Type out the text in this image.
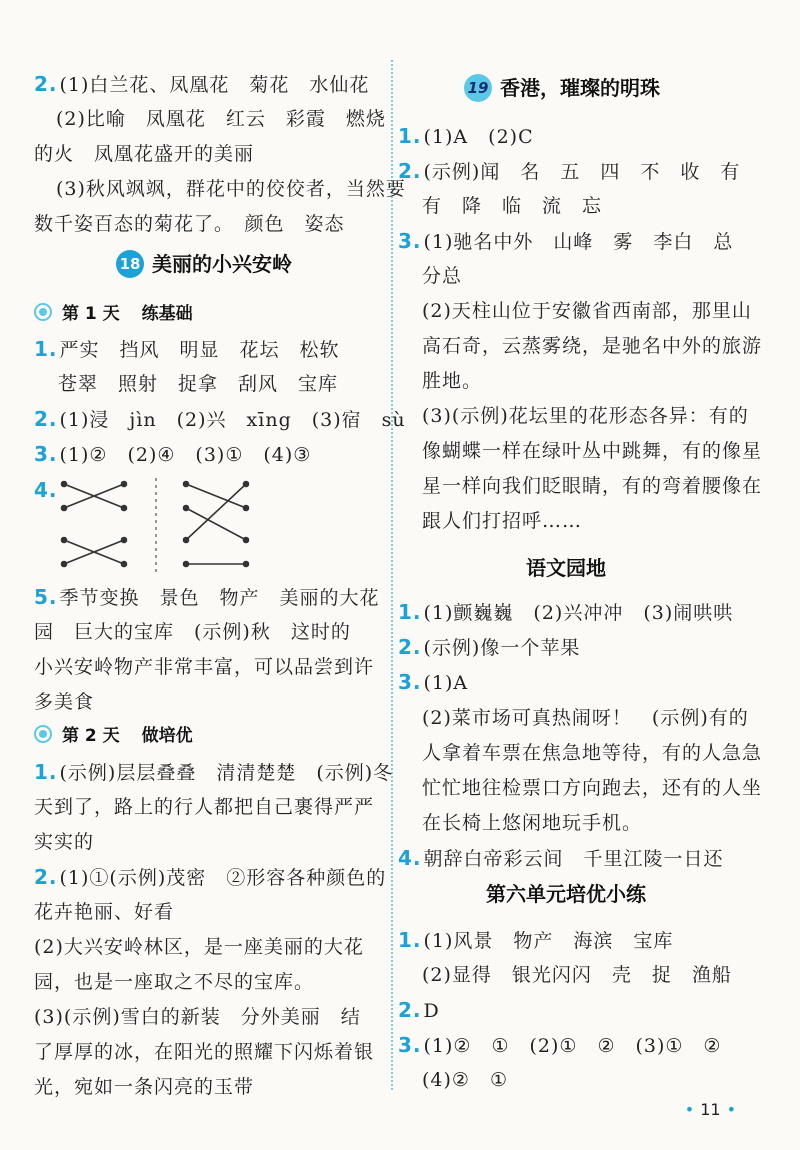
2. (1)白兰花、凤凰花　菊花　水仙花
(2)比喻　凤凰花　红云　彩霞　燃烧
的火　凤凰花盛开的美丽
(3)秋风飒飒，群花中的佼佼者，当然要
数千姿百态的菊花了。　颜色　姿态
18 美丽的小兴安岭
第 1 天 练基础
1. 严实　挡风　明显　花坛　松软
苍翠　照射　捉拿　刮风　宝库
2. (1)浸　jìn　(2)兴　xīng　(3)宿　sù
3. (1)②　(2)④　(3)①　(4)③
4.
5. 季节变换　景色　物产　美丽的大花
园　巨大的宝库　(示例)秋　这时的
小兴安岭物产非常丰富，可以品尝到许
多美食
第 2 天 做培优
1. (示例)层层叠叠　清清楚楚　(示例)冬
天到了，路上的行人都把自己裹得严严
实实的
2. (1)①(示例)茂密　②形容各种颜色的
花卉艳丽、好看
(2)大兴安岭林区，是一座美丽的大花
园，也是一座取之不尽的宝库。
(3)(示例)雪白的新装　分外美丽　结
了厚厚的冰，在阳光的照耀下闪烁着银
光，宛如一条闪亮的玉带
19 香港，璀璨的明珠
1. (1)A　(2)C
2. (示例)闻　名　五　四　不　收　有
有　降　临　流　忘
3. (1)驰名中外　山峰　雾　李白　总
分总
(2)天柱山位于安徽省西南部，那里山
高石奇，云蒸雾绕，是驰名中外的旅游
胜地。
(3)(示例)花坛里的花形态各异：有的
像蝴蝶一样在绿叶丛中跳舞，有的像星
星一样向我们眨眼睛，有的弯着腰像在
跟人们打招呼……
语文园地
1. (1)颤巍巍　(2)兴冲冲　(3)闹哄哄
2. (示例)像一个苹果
3. (1)A
(2)菜市场可真热闹呀！　(示例)有的
人拿着车票在焦急地等待，有的人急急
忙忙地往检票口方向跑去，还有的人坐
在长椅上悠闲地玩手机。
4. 朝辞白帝彩云间　千里江陵一日还
第六单元培优小练
1. (1)风景　物产　海滨　宝库
(2)显得　银光闪闪　壳　捉　渔船
2. D
3. (1)②　①　(2)①　②　(3)①　②
(4)②　①
• 11 •
